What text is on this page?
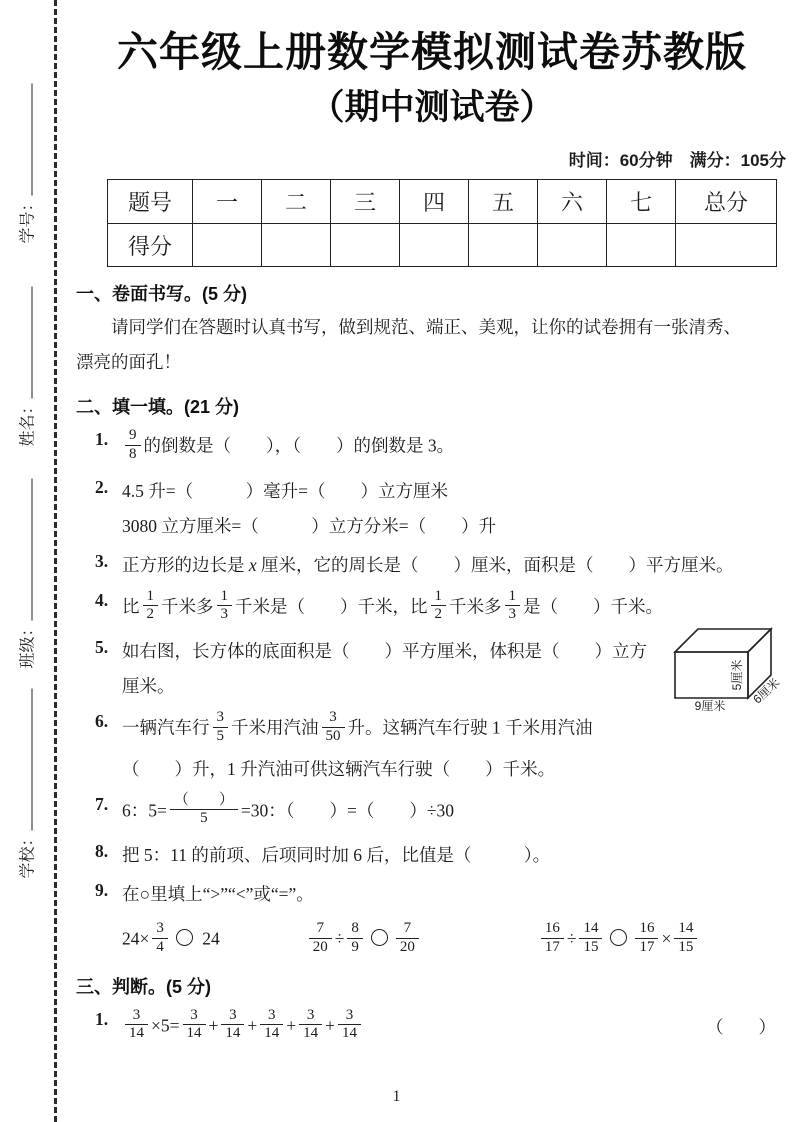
学号：
姓名：
班级：
学校：
六年级上册数学模拟测试卷苏教版
（期中测试卷）
时间：60分钟　满分：105分
题号	一	二	三	四	五	六	七	总分
得分								
一、卷面书写。(5 分)
请同学们在答题时认真书写，做到规范、端正、美观，让你的试卷拥有一张清秀、
漂亮的面孔！
二、填一填。(21 分)
1. $\frac{9}{8}$ 的倒数是（　　），（　　）的倒数是 3。
2. 4.5 升=（　　　）毫升=（　　）立方厘米
3080 立方厘米=（　　　）立方分米=（　　）升
3. 正方形的边长是 x 厘米，它的周长是（　　）厘米，面积是（　　）平方厘米。
4. 比 $\frac{1}{2}$ 千米多 $\frac{1}{3}$ 千米是（　　）千米，比 $\frac{1}{2}$ 千米多 $\frac{1}{3}$ 是（　　）千米。
5. 如右图，长方体的底面积是（　　）平方厘米，体积是（　　）立方
厘米。	5厘米
9厘米 6厘米
6. 一辆汽车行 $\frac{3}{5}$ 千米用汽油 $\frac{3}{50}$ 升。这辆汽车行驶 1 千米用汽油
（　　）升，1 升汽油可供这辆汽车行驶（　　）千米。
7. 6：$5= \frac{( )}{5} =30$：（　　）=（　　）÷30
8. 把 5：11 的前项、后项同时加 6 后，比值是（　　　）。
9. 在○里填上“>”“<”或“=”。
$24\times \frac{3}{4} 24$	$\frac{7}{20} \div \frac{8}{9} \frac{7}{20}$	$\frac{16}{17} \div \frac{14}{15} \frac{16}{17} \times \frac{14}{15}$
三、判断。(5 分)
1. $\frac{3}{14} \times 5= \frac{3}{14} + \frac{3}{14} + \frac{3}{14} + \frac{3}{14} + \frac{3}{14}$	（　　）
1
